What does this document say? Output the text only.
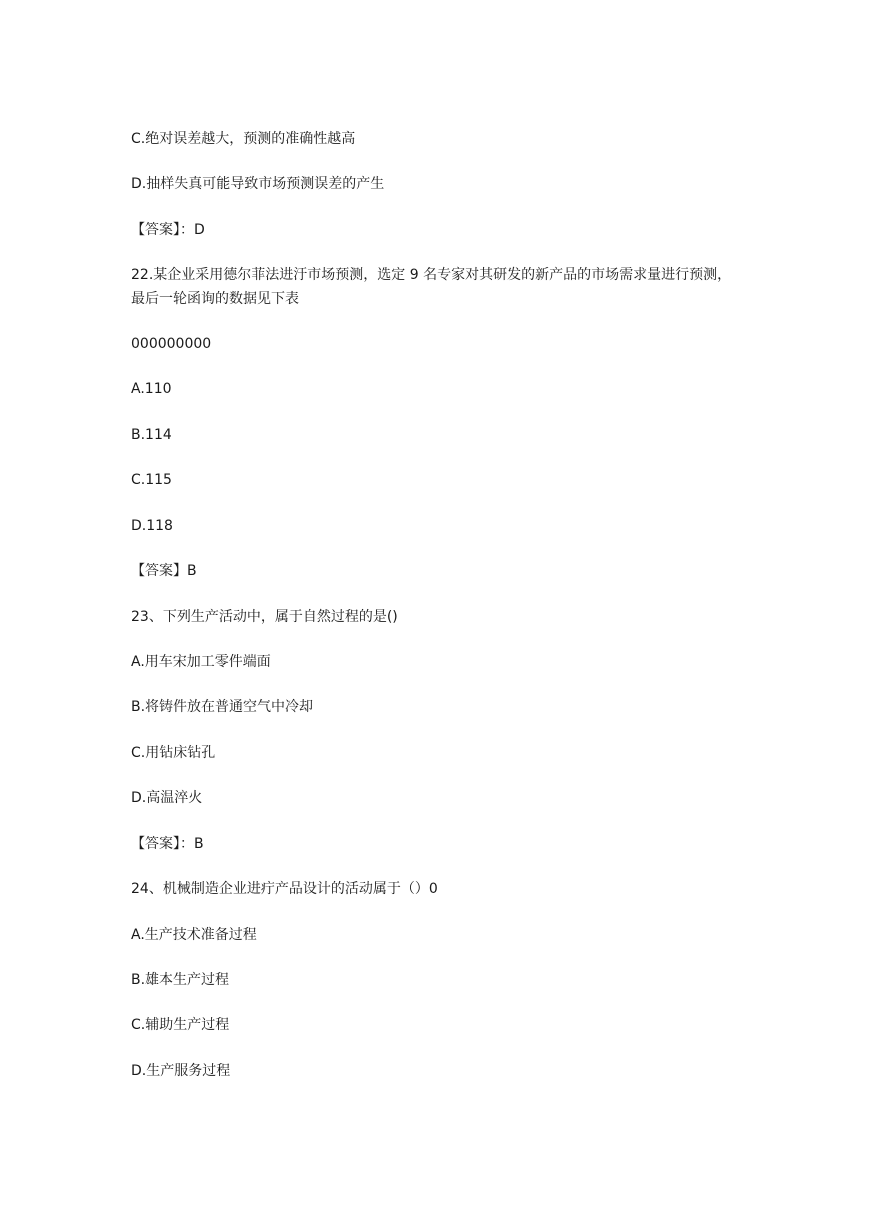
C.绝对误差越大，预测的准确性越高
D.抽样失真可能导致市场预测误差的产生
【答案】：D
22.某企业采用德尔菲法进汙市场预测，选定 9 名专家对其研发的新产品的市场需求量进行预测，最后一轮函询的数据见下表
000000000
A.110
B.114
C.115
D.118
【答案】B
23、下列生产活动中，属于自然过程的是()
A.用车宋加工零件端面
B.将铸件放在普通空气中冷却
C.用钻床钻孔
D.高温淬火
【答案】：B
24、机械制造企业进疔产品设计的活动属于（）0
A.生产技术准备过程
B.雄本生产过程
C.辅助生产过程
D.生产服务过程
